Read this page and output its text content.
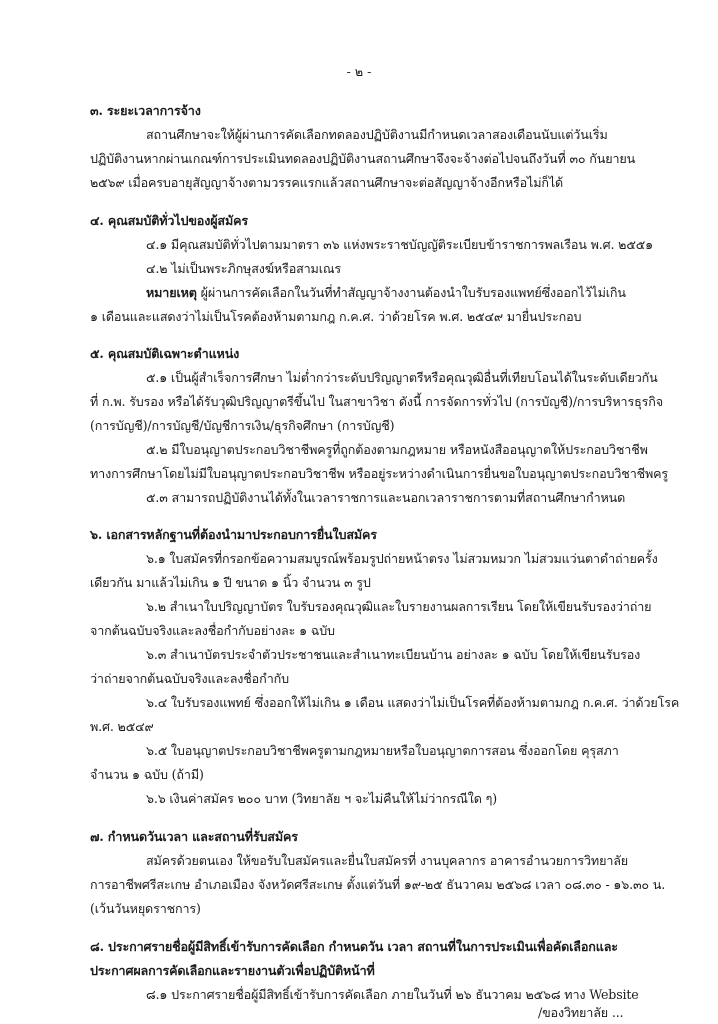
- ๒ -
๓. ระยะเวลาการจ้าง
สถานศึกษาจะให้ผู้ผ่านการคัดเลือกทดลองปฏิบัติงานมีกำหนดเวลาสองเดือนนับแต่วันเริ่ม
ปฏิบัติงานหากผ่านเกณฑ์การประเมินทดลองปฏิบัติงานสถานศึกษาจึงจะจ้างต่อไปจนถึงวันที่ ๓๐ กันยายน
๒๕๖๙ เมื่อครบอายุสัญญาจ้างตามวรรคแรกแล้วสถานศึกษาจะต่อสัญญาจ้างอีกหรือไม่ก็ได้
๔. คุณสมบัติทั่วไปของผู้สมัคร
๔.๑ มีคุณสมบัติทั่วไปตามมาตรา ๓๖ แห่งพระราชบัญญัติระเบียบข้าราชการพลเรือน พ.ศ. ๒๕๕๑
๔.๒ ไม่เป็นพระภิกษุสงฆ์หรือสามเณร
หมายเหตุ ผู้ผ่านการคัดเลือกในวันที่ทำสัญญาจ้างงานต้องนำใบรับรองแพทย์ซึ่งออกไว้ไม่เกิน
๑ เดือนและแสดงว่าไม่เป็นโรคต้องห้ามตามกฎ ก.ค.ศ. ว่าด้วยโรค พ.ศ. ๒๕๔๙ มายื่นประกอบ
๕. คุณสมบัติเฉพาะตำแหน่ง
๕.๑ เป็นผู้สำเร็จการศึกษา ไม่ต่ำกว่าระดับปริญญาตรีหรือคุณวุฒิอื่นที่เทียบโอนได้ในระดับเดียวกัน
ที่ ก.พ. รับรอง หรือได้รับวุฒิปริญญาตรีขึ้นไป ในสาขาวิชา ดังนี้ การจัดการทั่วไป (การบัญชี)/การบริหารธุรกิจ
(การบัญชี)/การบัญชี/บัญชีการเงิน/ธุรกิจศึกษา (การบัญชี)
๕.๒ มีใบอนุญาตประกอบวิชาชีพครูที่ถูกต้องตามกฎหมาย หรือหนังสืออนุญาตให้ประกอบวิชาชีพ
ทางการศึกษาโดยไม่มีใบอนุญาตประกอบวิชาชีพ หรืออยู่ระหว่างดำเนินการยื่นขอใบอนุญาตประกอบวิชาชีพครู
๕.๓ สามารถปฏิบัติงานได้ทั้งในเวลาราชการและนอกเวลาราชการตามที่สถานศึกษากำหนด
๖. เอกสารหลักฐานที่ต้องนำมาประกอบการยื่นใบสมัคร
๖.๑ ใบสมัครที่กรอกข้อความสมบูรณ์พร้อมรูปถ่ายหน้าตรง ไม่สวมหมวก ไม่สวมแว่นตาดำถ่ายครั้ง
เดียวกัน มาแล้วไม่เกิน ๑ ปี ขนาด ๑ นิ้ว จำนวน ๓ รูป
๖.๒ สำเนาใบปริญญาบัตร ใบรับรองคุณวุฒิและใบรายงานผลการเรียน โดยให้เขียนรับรองว่าถ่าย
จากต้นฉบับจริงและลงชื่อกำกับอย่างละ ๑ ฉบับ
๖.๓ สำเนาบัตรประจำตัวประชาชนและสำเนาทะเบียนบ้าน อย่างละ ๑ ฉบับ โดยให้เขียนรับรอง
ว่าถ่ายจากต้นฉบับจริงและลงชื่อกำกับ
๖.๔ ใบรับรองแพทย์ ซึ่งออกให้ไม่เกิน ๑ เดือน แสดงว่าไม่เป็นโรคที่ต้องห้ามตามกฎ ก.ค.ศ. ว่าด้วยโรค
พ.ศ. ๒๕๔๙
๖.๕ ใบอนุญาตประกอบวิชาชีพครูตามกฎหมายหรือใบอนุญาตการสอน ซึ่งออกโดย คุรุสภา
จำนวน ๑ ฉบับ (ถ้ามี)
๖.๖ เงินค่าสมัคร ๒๐๐ บาท (วิทยาลัย ฯ จะไม่คืนให้ไม่ว่ากรณีใด ๆ)
๗. กำหนดวันเวลา และสถานที่รับสมัคร
สมัครด้วยตนเอง ให้ขอรับใบสมัครและยื่นใบสมัครที่ งานบุคลากร อาคารอำนวยการวิทยาลัย
การอาชีพศรีสะเกษ อำเภอเมือง จังหวัดศรีสะเกษ ตั้งแต่วันที่ ๑๙-๒๕ ธันวาคม ๒๕๖๘ เวลา ๐๘.๓๐ - ๑๖.๓๐ น.
(เว้นวันหยุดราชการ)
๘. ประกาศรายชื่อผู้มีสิทธิ์เข้ารับการคัดเลือก กำหนดวัน เวลา สถานที่ในการประเมินเพื่อคัดเลือกและ
ประกาศผลการคัดเลือกและรายงานตัวเพื่อปฏิบัติหน้าที่
๘.๑ ประกาศรายชื่อผู้มีสิทธิ์เข้ารับการคัดเลือก ภายในวันที่ ๒๖ ธันวาคม ๒๕๖๘ ทาง Website
/ของวิทยาลัย ...
